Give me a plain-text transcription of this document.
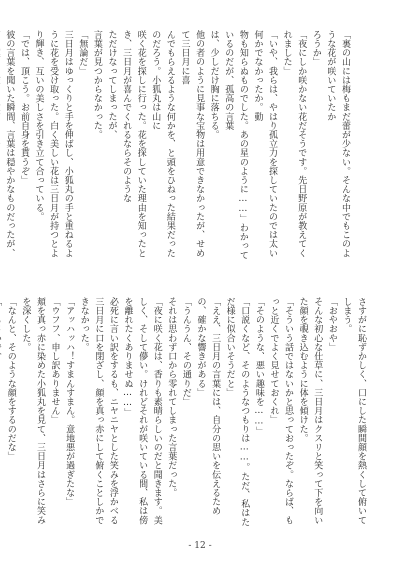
「裏の山には梅もまだ蕾が少ない。そんな中でもこのような花が咲いていたか

ろうか」

「夜にしか咲かない花だそうです。先日野原が教えてくれました」

「いや、我らは、やはり孤立力を探していたのでは太い何かでなかったか。動

物も知らぬものでした。あの星のように……」わかっているのだが、孤高の言葉

は、少しだけ胸に落ちる。

他の者のように見事な宝物は用意できなかったが、せめて三日月に喜

んでもらえるような何かを、と頭をひねった結果だったのだろう。小狐丸は山に

咲く花を探しに行った。花を探していた理由を知ったとき、三日月が喜んでくれるならそのような

ただけなってしまったが、

言葉が見つからなかった。

「無論だ」

三日月はゆっくりと手を伸ばし、小狐丸の手と重ねるように花を受け取った。白く美しい花は三日月が持つとより輝き、互いの美しさを引き立て合っている。

「では、頂こう。お前自身を貰うぞ」

彼の言葉を聞いた瞬間、言葉は穏やかなものだったが、

さすがに恥ずかしく、口にした瞬間顔を熱くして俯いてしまう。

「おやおや」

そんな初心な仕草に、三日月はクスリと笑って下を向いた顔を覗き込むように体を傾けた。

「そういう話ではないかと思っておったぞ。ならば、もっと近くでよく見せておくれ」

「そのような、悪い趣味を……」

「口説くなど、そのようなつもりは……。ただ、私はただ様に似合いそうだと」

「ええ、三日月の言葉には、自分の思いを伝えるための、確かな響きがある」

「うんうん、その通りだ」

それは思わず口から零れてしまった言葉だった。

「夜に咲く花は、香りも素晴らしいのだと聞きます。美しく、そして儚い。けれどそれが咲いている間、私は傍を離れたくありませぬ……」

必死に言い訳をするも、ニヤニヤとした笑みを浮かべる三日月に口を閉ざし、顔を真っ赤にして俯くことしかできなかった。

「アッハッハ！すまんすまん。意地悪が過ぎたな」

「ウフフ、申し訳ありません」

頬を真っ赤に染めた小狐丸を見て、三日月はさらに笑みを深くした。

「なんと、そのような顔をするのだな」

- 12 -
